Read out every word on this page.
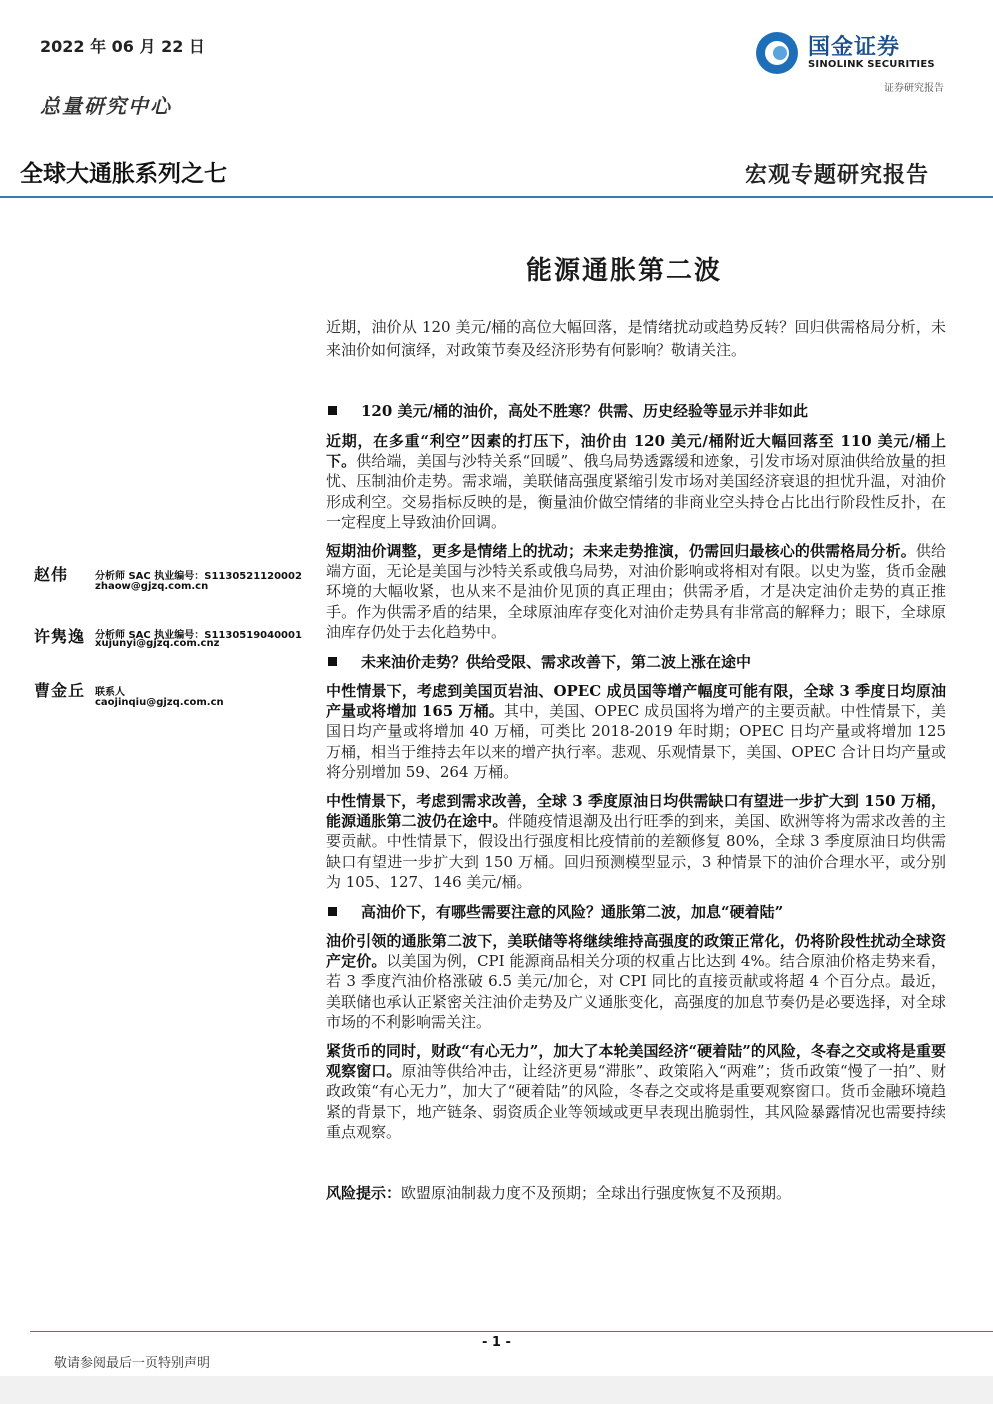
2022 年 06 月 22 日
总量研究中心
国金证券
SINOLINK SECURITIES
证券研究报告
全球大通胀系列之七	宏观专题研究报告
能源通胀第二波
近期，油价从 120 美元/桶的高位大幅回落，是情绪扰动或趋势反转？回归供需格局分析，未来油价如何演绎，对政策节奏及经济形势有何影响？敬请关注。
120 美元/桶的油价，高处不胜寒？供需、历史经验等显示并非如此
近期，在多重“利空”因素的打压下，油价由 120 美元/桶附近大幅回落至 110 美元/桶上下。供给端，美国与沙特关系“回暖”、俄乌局势透露缓和迹象，引发市场对原油供给放量的担忧、压制油价走势。需求端，美联储高强度紧缩引发市场对美国经济衰退的担忧升温，对油价形成利空。交易指标反映的是，衡量油价做空情绪的非商业空头持仓占比出行阶段性反扑，在一定程度上导致油价回调。
短期油价调整，更多是情绪上的扰动；未来走势推演，仍需回归最核心的供需格局分析。供给端方面，无论是美国与沙特关系或俄乌局势，对油价影响或将相对有限。以史为鉴，货币金融环境的大幅收紧，也从来不是油价见顶的真正理由；供需矛盾，才是决定油价走势的真正推手。作为供需矛盾的结果，全球原油库存变化对油价走势具有非常高的解释力；眼下，全球原油库存仍处于去化趋势中。
未来油价走势？供给受限、需求改善下，第二波上涨在途中
中性情景下，考虑到美国页岩油、OPEC 成员国等增产幅度可能有限，全球 3 季度日均原油产量或将增加 165 万桶。其中，美国、OPEC 成员国将为增产的主要贡献。中性情景下，美国日均产量或将增加 40 万桶，可类比 2018-2019 年时期；OPEC 日均产量或将增加 125 万桶，相当于维持去年以来的增产执行率。悲观、乐观情景下，美国、OPEC 合计日均产量或将分别增加 59、264 万桶。
中性情景下，考虑到需求改善，全球 3 季度原油日均供需缺口有望进一步扩大到 150 万桶，能源通胀第二波仍在途中。伴随疫情退潮及出行旺季的到来，美国、欧洲等将为需求改善的主要贡献。中性情景下，假设出行强度相比疫情前的差额修复 80%，全球 3 季度原油日均供需缺口有望进一步扩大到 150 万桶。回归预测模型显示，3 种情景下的油价合理水平，或分别为 105、127、146 美元/桶。
高油价下，有哪些需要注意的风险？通胀第二波，加息“硬着陆”
油价引领的通胀第二波下，美联储等将继续维持高强度的政策正常化，仍将阶段性扰动全球资产定价。以美国为例，CPI 能源商品相关分项的权重占比达到 4%。结合原油价格走势来看，若 3 季度汽油价格涨破 6.5 美元/加仑，对 CPI 同比的直接贡献或将超 4 个百分点。最近，美联储也承认正紧密关注油价走势及广义通胀变化，高强度的加息节奏仍是必要选择，对全球市场的不利影响需关注。
紧货币的同时，财政“有心无力”，加大了本轮美国经济“硬着陆”的风险，冬春之交或将是重要观察窗口。原油等供给冲击，让经济更易“滞胀”、政策陷入“两难”；货币政策“慢了一拍”、财政政策“有心无力”，加大了“硬着陆”的风险，冬春之交或将是重要观察窗口。货币金融环境趋紧的背景下，地产链条、弱资质企业等领域或更早表现出脆弱性，其风险暴露情况也需要持续重点观察。
风险提示：欧盟原油制裁力度不及预期；全球出行强度恢复不及预期。
赵伟	分析师 SAC 执业编号：S1130521120002
zhaow@gjzq.com.cn
许隽逸 分析师 SAC 执业编号：S1130519040001
xujunyi@gjzq.com.cnz
曹金丘 联系人
caojinqiu@gjzq.com.cn
- 1 -
敬请参阅最后一页特别声明
